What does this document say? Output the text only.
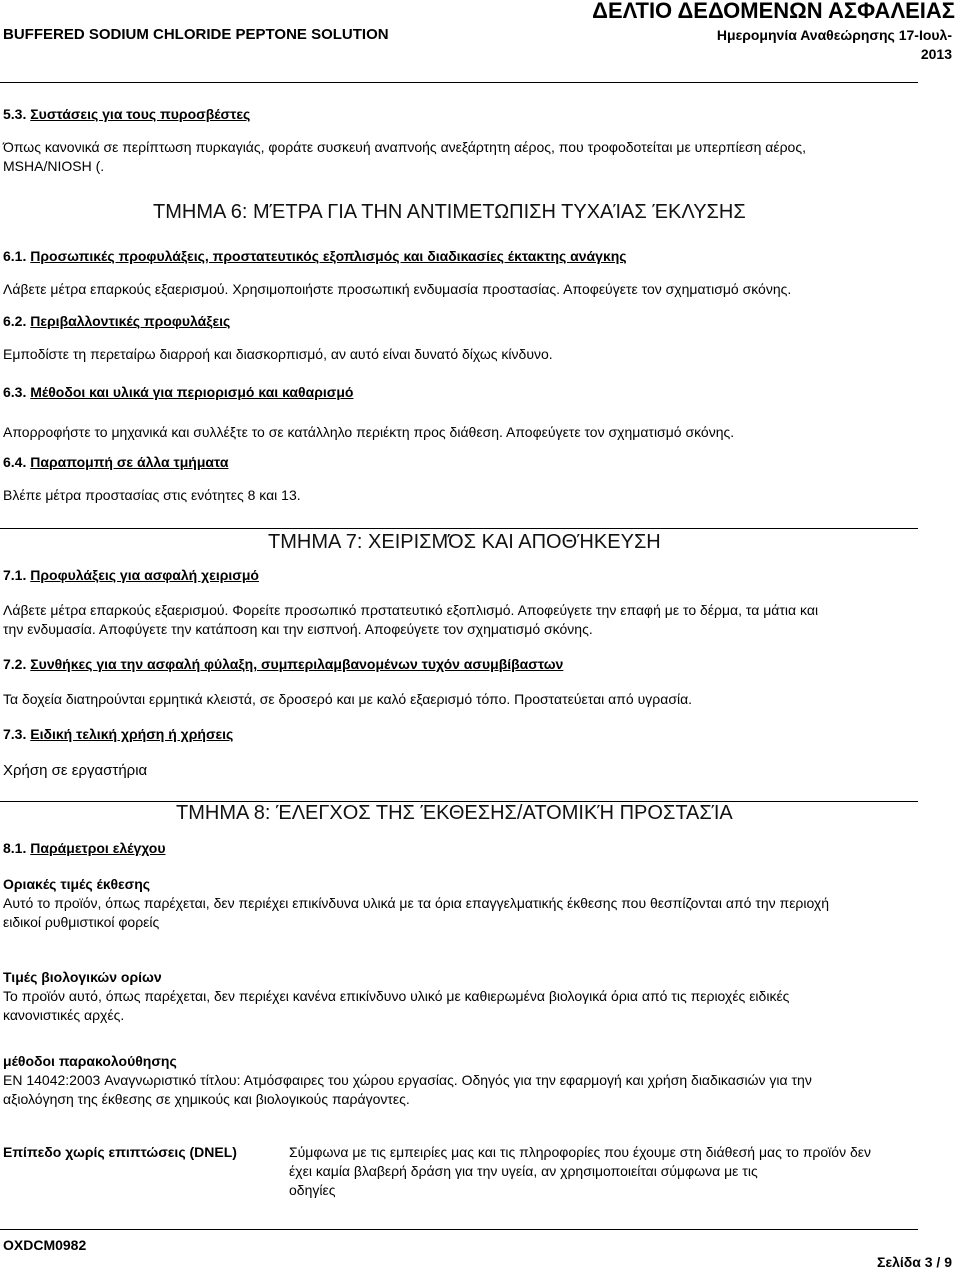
ΔΕΛΤΙΟ ΔΕΔΟΜΕΝΩΝ ΑΣΦΑΛΕΙΑΣ
BUFFERED SODIUM CHLORIDE PEPTONE SOLUTION	Ημερομηνία Αναθεώρησης 17-Ιουλ-
2013
5.3. Συστάσεις για τους πυροσβέστες
Όπως κανονικά σε περίπτωση πυρκαγιάς, φοράτε συσκευή αναπνοής ανεξάρτητη αέρος, που τροφοδοτείται με υπερπίεση αέρος,
MSHA/NIOSH (.
ΤΜΗΜΑ 6: ΜΈΤΡΑ ΓΙΑ ΤΗΝ ΑΝΤΙΜΕΤΩΠΙΣΗ ΤΥΧΑΊΑΣ ΈΚΛΥΣΗΣ
6.1. Προσωπικές προφυλάξεις, προστατευτικός εξοπλισμός και διαδικασίες έκτακτης ανάγκης
Λάβετε μέτρα επαρκούς εξαερισμού. Χρησιμοποιήστε προσωπική ενδυμασία προστασίας. Αποφεύγετε τον σχηματισμό σκόνης.
6.2. Περιβαλλοντικές προφυλάξεις
Εμποδίστε τη περεταίρω διαρροή και διασκορπισμό, αν αυτό είναι δυνατό δίχως κίνδυνο.
6.3. Μέθοδοι και υλικά για περιορισμό και καθαρισμό
Απορροφήστε το μηχανικά και συλλέξτε το σε κατάλληλο περιέκτη προς διάθεση. Αποφεύγετε τον σχηματισμό σκόνης.
6.4. Παραπομπή σε άλλα τμήματα
Βλέπε μέτρα προστασίας στις ενότητες 8 και 13.
ΤΜΗΜΑ 7: ΧΕΙΡΙΣΜΌΣ ΚΑΙ ΑΠΟΘΉΚΕΥΣΗ
7.1. Προφυλάξεις για ασφαλή χειρισμό
Λάβετε μέτρα επαρκούς εξαερισμού. Φορείτε προσωπικό πρστατευτικό εξοπλισμό. Αποφεύγετε την επαφή με το δέρμα, τα μάτια και
την ενδυμασία. Αποφύγετε την κατάποση και την εισπνοή. Αποφεύγετε τον σχηματισμό σκόνης.
7.2. Συνθήκες για την ασφαλή φύλαξη, συμπεριλαμβανομένων τυχόν ασυμβίβαστων
Τα δοχεία διατηρούνται ερμητικά κλειστά, σε δροσερό και με καλό εξαερισμό τόπο. Προστατεύεται από υγρασία.
7.3. Ειδική τελική χρήση ή χρήσεις
Χρήση σε εργαστήρια
ΤΜΗΜΑ 8: ΈΛΕΓΧΟΣ ΤΗΣ ΈΚΘΕΣΗΣ/ΑΤΟΜΙΚΉ ΠΡΟΣΤΑΣΊΑ
8.1. Παράμετροι ελέγχου
Οριακές τιμές έκθεσης
Αυτό το προϊόν, όπως παρέχεται, δεν περιέχει επικίνδυνα υλικά με τα όρια επαγγελματικής έκθεσης που θεσπίζονται από την περιοχή
ειδικοί ρυθμιστικοί φορείς
Τιμές βιολογικών ορίων
Το προϊόν αυτό, όπως παρέχεται, δεν περιέχει κανένα επικίνδυνο υλικό με καθιερωμένα βιολογικά όρια από τις περιοχές ειδικές
κανονιστικές αρχές.
μέθοδοι παρακολούθησης
EN 14042:2003 Αναγνωριστικό τίτλου: Ατμόσφαιρες του χώρου εργασίας. Οδηγός για την εφαρμογή και χρήση διαδικασιών για την
αξιολόγηση της έκθεσης σε χημικούς και βιολογικούς παράγοντες.
Επίπεδο χωρίς επιπτώσεις (DNEL)	Σύμφωνα με τις εμπειρίες μας και τις πληροφορίες που έχουμε στη διάθεσή μας το προϊόν δεν
έχει καμία βλαβερή δράση για την υγεία, αν χρησιμοποιείται σύμφωνα με τις
οδηγίες
OXDCM0982
Σελίδα 3 / 9
